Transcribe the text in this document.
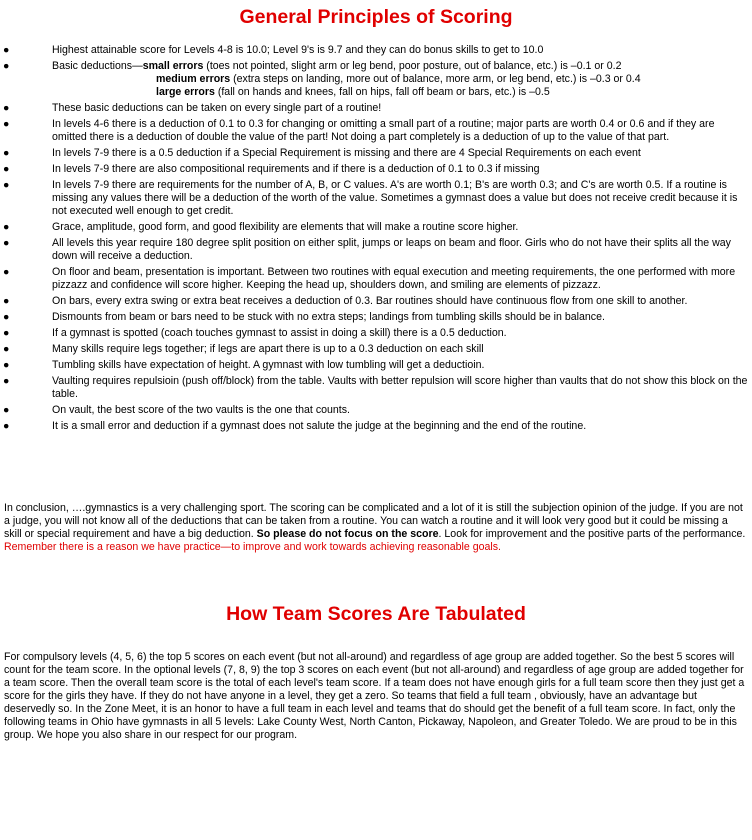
General Principles of Scoring
●	Highest attainable score for Levels 4-8 is 10.0; Level 9's is 9.7 and they can do bonus skills to get to 10.0
●	Basic deductions—small errors (toes not pointed, slight arm or leg bend, poor posture, out of balance, etc.) is –0.1 or 0.2
medium errors (extra steps on landing, more out of balance, more arm, or leg bend, etc.) is –0.3 or 0.4
large errors (fall on hands and knees, fall on hips, fall off beam or bars, etc.) is –0.5
●	These basic deductions can be taken on every single part of a routine!
●	In levels 4-6 there is a deduction of 0.1 to 0.3 for changing or omitting a small part of a routine; major parts are worth 0.4 or 0.6 and if they are omitted there is a deduction of double the value of the part! Not doing a part completely is a deduction of up to the value of that part.
●	In levels 7-9 there is a 0.5 deduction if a Special Requirement is missing and there are 4 Special Requirements on each event
●	In levels 7-9 there are also compositional requirements and if there is a deduction of 0.1 to 0.3 if missing
●	In levels 7-9 there are requirements for the number of A, B, or C values. A's are worth 0.1; B's are worth 0.3; and C's are worth 0.5. If a routine is missing any values there will be a deduction of the worth of the value. Sometimes a gymnast does a value but does not receive credit because it is not executed well enough to get credit.
●	Grace, amplitude, good form, and good flexibility are elements that will make a routine score higher.
●	All levels this year require 180 degree split position on either split, jumps or leaps on beam and floor. Girls who do not have their splits all the way down will receive a deduction.
●	On floor and beam, presentation is important. Between two routines with equal execution and meeting requirements, the one performed with more pizzazz and confidence will score higher. Keeping the head up, shoulders down, and smiling are elements of pizzazz.
●	On bars, every extra swing or extra beat receives a deduction of 0.3. Bar routines should have continuous flow from one skill to another.
●	Dismounts from beam or bars need to be stuck with no extra steps; landings from tumbling skills should be in balance.
●	If a gymnast is spotted (coach touches gymnast to assist in doing a skill) there is a 0.5 deduction.
●	Many skills require legs together; if legs are apart there is up to a 0.3 deduction on each skill
●	Tumbling skills have expectation of height. A gymnast with low tumbling will get a deductioin.
●	Vaulting requires repulsioin (push off/block) from the table. Vaults with better repulsion will score higher than vaults that do not show this block on the table.
●	On vault, the best score of the two vaults is the one that counts.
●	It is a small error and deduction if a gymnast does not salute the judge at the beginning and the end of the routine.

In conclusion, ….gymnastics is a very challenging sport. The scoring can be complicated and a lot of it is still the subjection opinion of the judge. If you are not a judge, you will not know all of the deductions that can be taken from a routine. You can watch a routine and it will look very good but it could be missing a skill or special requirement and have a big deduction. So please do not focus on the score. Look for improvement and the positive parts of the performance. Remember there is a reason we have practice—to improve and work towards achieving reasonable goals.

How Team Scores Are Tabulated

For compulsory levels (4, 5, 6) the top 5 scores on each event (but not all-around) and regardless of age group are added together. So the best 5 scores will count for the team score. In the optional levels (7, 8, 9) the top 3 scores on each event (but not all-around) and regardless of age group are added together for a team score. Then the overall team score is the total of each level's team score. If a team does not have enough girls for a full team score then they just get a score for the girls they have. If they do not have anyone in a level, they get a zero. So teams that field a full team , obviously, have an advantage but deservedly so. In the Zone Meet, it is an honor to have a full team in each level and teams that do should get the benefit of a full team score. In fact, only the following teams in Ohio have gymnasts in all 5 levels: Lake County West, North Canton, Pickaway, Napoleon, and Greater Toledo. We are proud to be in this group. We hope you also share in our respect for our program.
